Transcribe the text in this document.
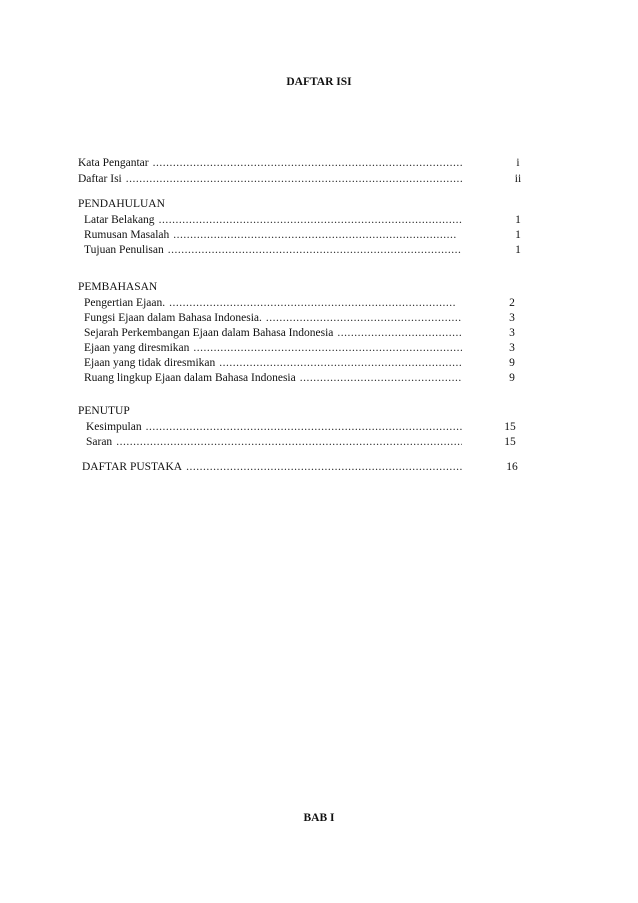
DAFTAR ISI
Kata Pengantar .....	i
Daftar Isi .....	ii
PENDAHULUAN
Latar Belakang .....	1
Rumusan Masalah .....	1
Tujuan Penulisan .....	1
PEMBAHASAN
Pengertian Ejaan. .....	2
Fungsi Ejaan dalam Bahasa Indonesia. .....	3
Sejarah Perkembangan Ejaan dalam Bahasa Indonesia .....	3
Ejaan yang diresmikan .....	3
Ejaan yang tidak diresmikan .....	9
Ruang lingkup Ejaan dalam Bahasa Indonesia .....	9
PENUTUP
Kesimpulan .....	15
Saran .....	15
DAFTAR PUSTAKA .....	16
BAB I
